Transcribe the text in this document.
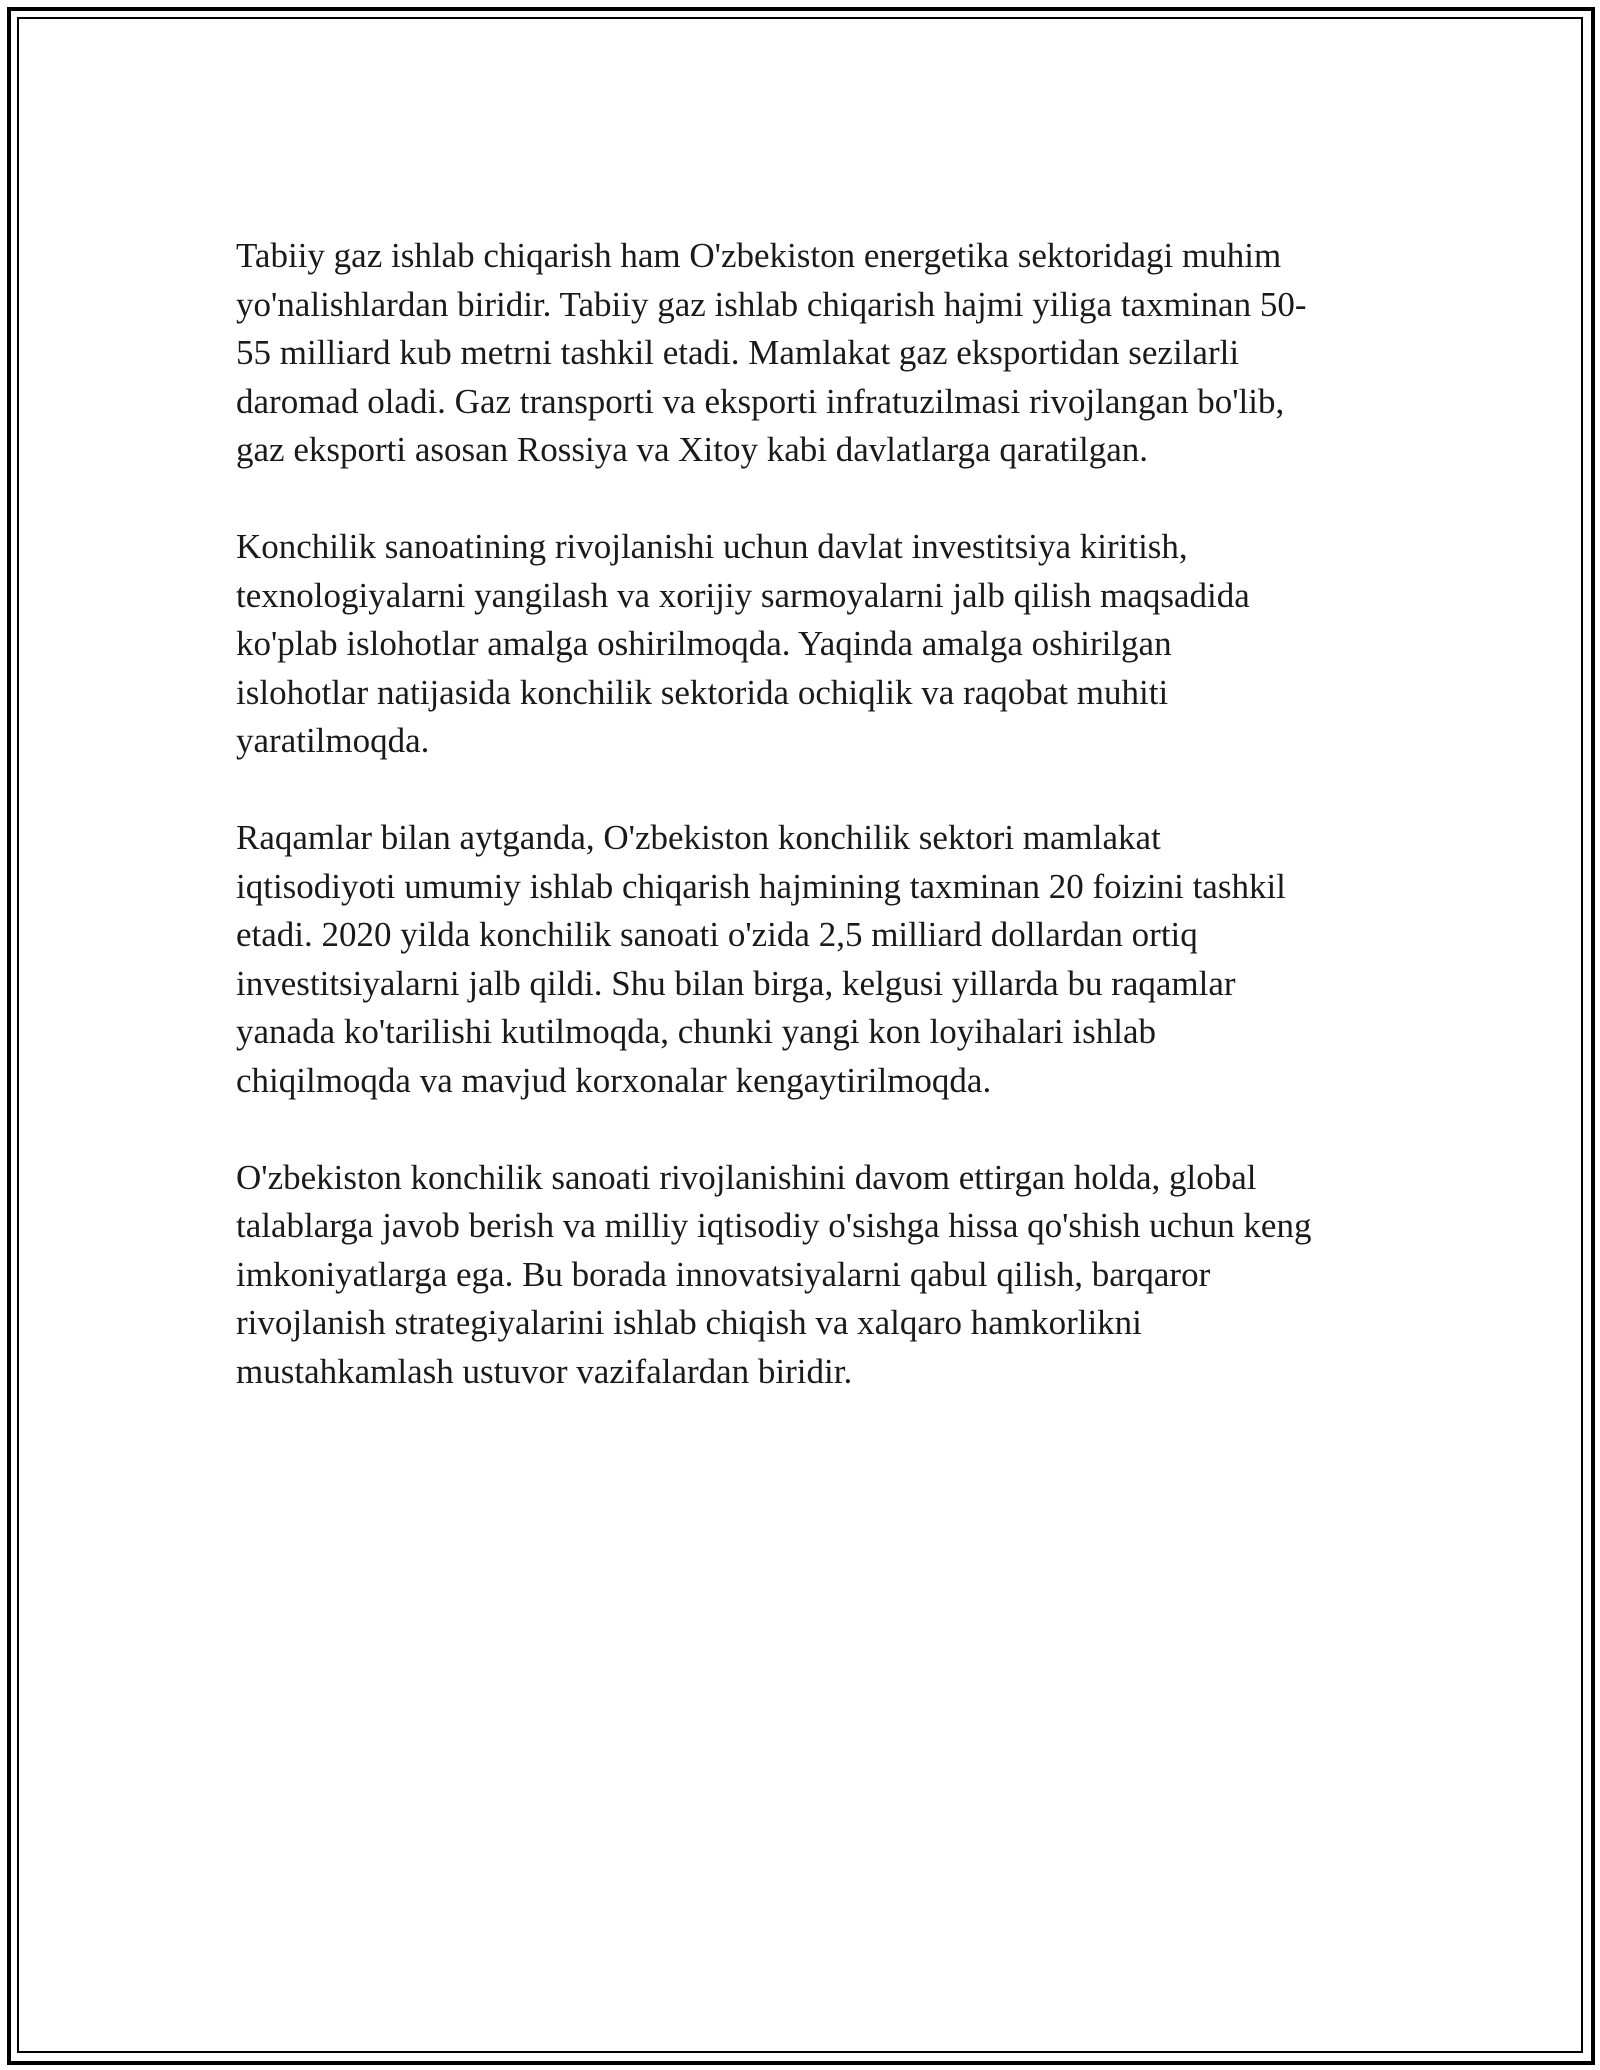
Tabiiy gaz ishlab chiqarish ham O'zbekiston energetika sektoridagi muhim
yo'nalishlardan biridir. Tabiiy gaz ishlab chiqarish hajmi yiliga taxminan 50-
55 milliard kub metrni tashkil etadi. Mamlakat gaz eksportidan sezilarli
daromad oladi. Gaz transporti va eksporti infratuzilmasi rivojlangan bo'lib,
gaz eksporti asosan Rossiya va Xitoy kabi davlatlarga qaratilgan.

Konchilik sanoatining rivojlanishi uchun davlat investitsiya kiritish,
texnologiyalarni yangilash va xorijiy sarmoyalarni jalb qilish maqsadida
ko'plab islohotlar amalga oshirilmoqda. Yaqinda amalga oshirilgan
islohotlar natijasida konchilik sektorida ochiqlik va raqobat muhiti
yaratilmoqda.

Raqamlar bilan aytganda, O'zbekiston konchilik sektori mamlakat
iqtisodiyoti umumiy ishlab chiqarish hajmining taxminan 20 foizini tashkil
etadi. 2020 yilda konchilik sanoati o'zida 2,5 milliard dollardan ortiq
investitsiyalarni jalb qildi. Shu bilan birga, kelgusi yillarda bu raqamlar
yanada ko'tarilishi kutilmoqda, chunki yangi kon loyihalari ishlab
chiqilmoqda va mavjud korxonalar kengaytirilmoqda.

O'zbekiston konchilik sanoati rivojlanishini davom ettirgan holda, global
talablarga javob berish va milliy iqtisodiy o'sishga hissa qo'shish uchun keng
imkoniyatlarga ega. Bu borada innovatsiyalarni qabul qilish, barqaror
rivojlanish strategiyalarini ishlab chiqish va xalqaro hamkorlikni
mustahkamlash ustuvor vazifalardan biridir.
